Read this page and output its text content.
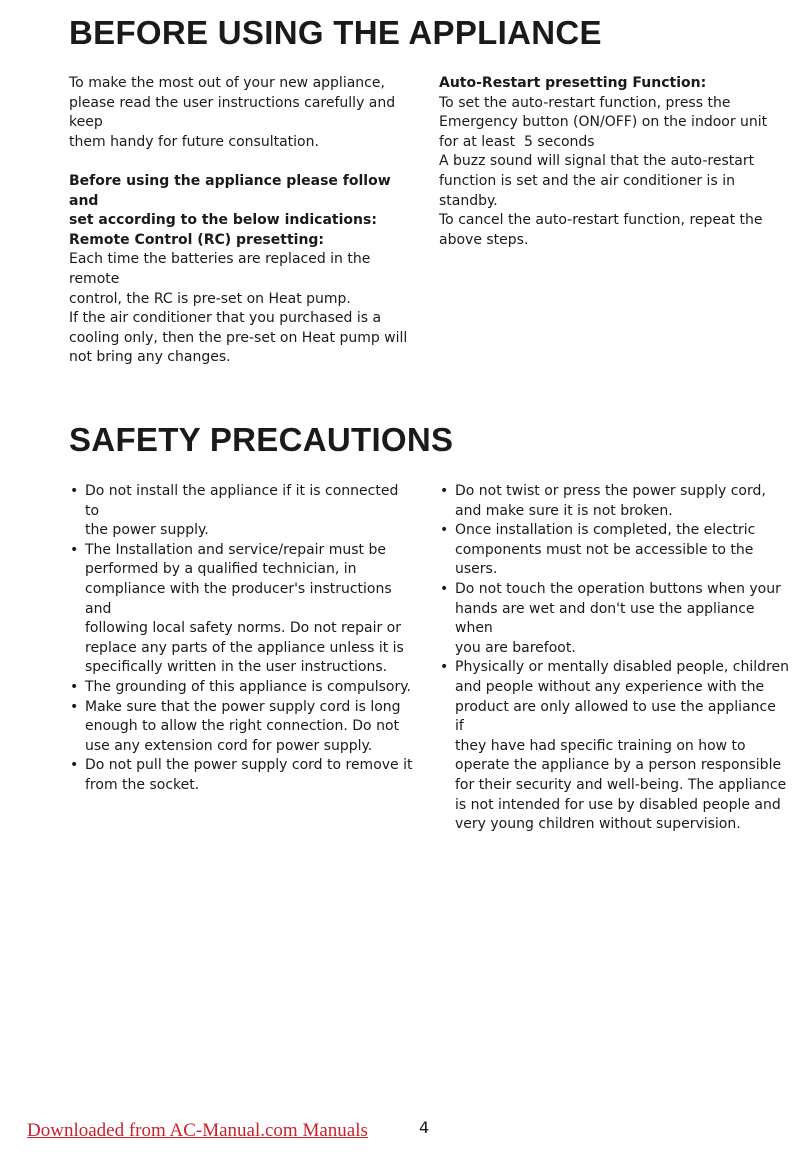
BEFORE USING THE APPLIANCE

To make the most out of your new appliance,
please read the user instructions carefully and keep
them handy for future consultation.

Before using the appliance please follow and
set according to the below indications:
Remote Control (RC) presetting:

Each time the batteries are replaced in the remote
control, the RC is pre-set on Heat pump.
If the air conditioner that you purchased is a
cooling only, then the pre-set on Heat pump will
not bring any changes.

Auto-Restart presetting Function:

To set the auto-restart function, press the
Emergency button (ON/OFF) on the indoor unit
for at least  5 seconds
A buzz sound will signal that the auto-restart
function is set and the air conditioner is in standby.
To cancel the auto-restart function, repeat the
above steps.

SAFETY PRECAUTIONS
• Do not install the appliance if it is connected to
the power supply.
• The Installation and service/repair must be
performed by a qualified technician, in
compliance with the producer's instructions and
following local safety norms. Do not repair or
replace any parts of the appliance unless it is
specifically written in the user instructions.
• The grounding of this appliance is compulsory.
• Make sure that the power supply cord is long
enough to allow the right connection. Do not
use any extension cord for power supply.
• Do not pull the power supply cord to remove it
from the socket.
• Do not twist or press the power supply cord,
and make sure it is not broken.
• Once installation is completed, the electric
components must not be accessible to the users.
• Do not touch the operation buttons when your
hands are wet and don't use the appliance when
you are barefoot.
• Physically or mentally disabled people, children
and people without any experience with the
product are only allowed to use the appliance if
they have had specific training on how to
operate the appliance by a person responsible
for their security and well-being. The appliance
is not intended for use by disabled people and
very young children without supervision.
Downloaded from AC-Manual.com Manuals	4
